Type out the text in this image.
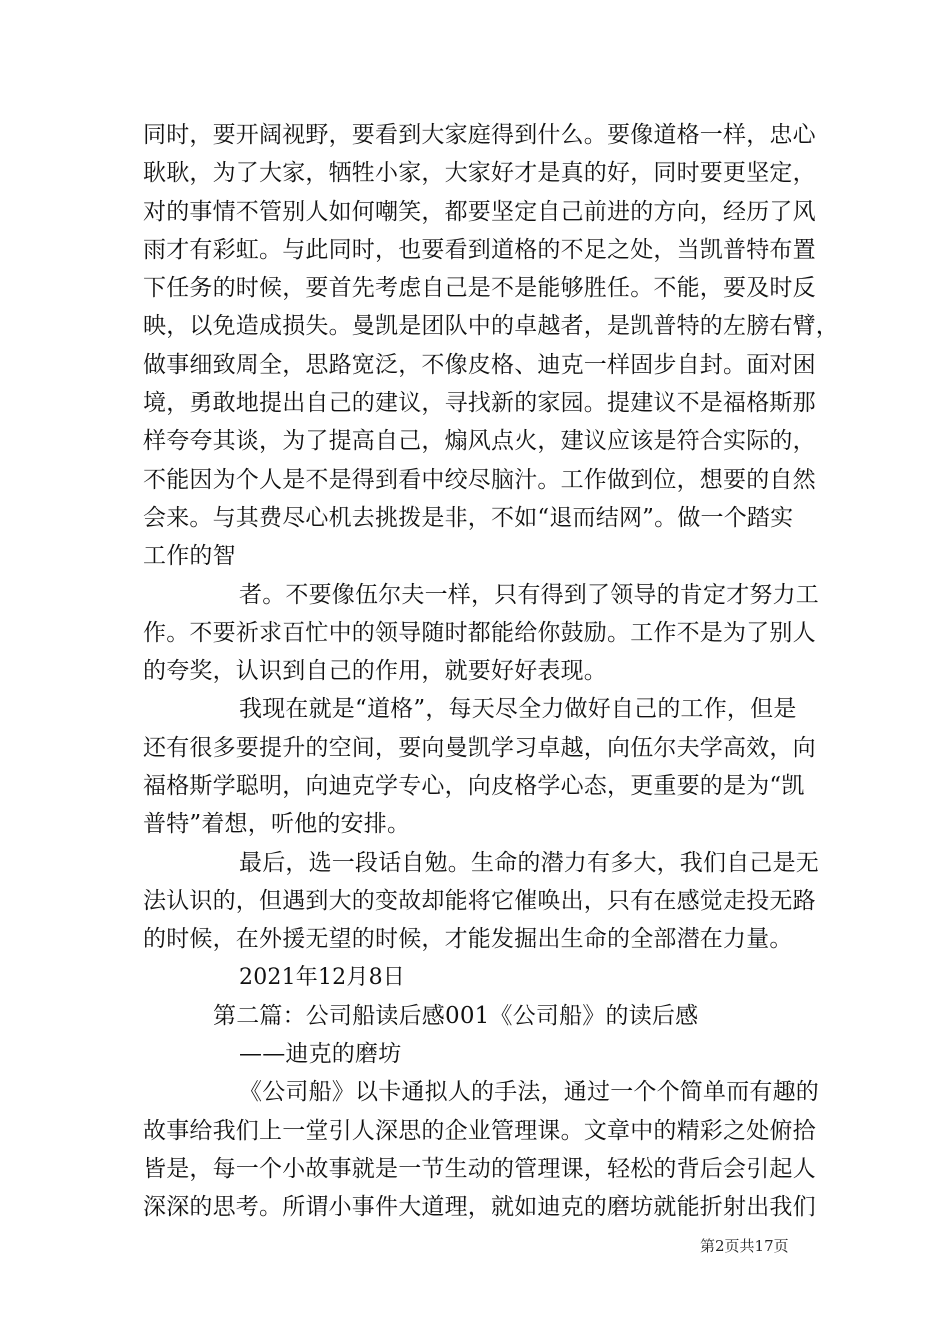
同时，要开阔视野，要看到大家庭得到什么。要像道格一样，忠心
耿耿，为了大家，牺牲小家，大家好才是真的好，同时要更坚定，
对的事情不管别人如何嘲笑，都要坚定自己前进的方向，经历了风
雨才有彩虹。与此同时，也要看到道格的不足之处，当凯普特布置
下任务的时候，要首先考虑自己是不是能够胜任。不能，要及时反
映，以免造成损失。曼凯是团队中的卓越者，是凯普特的左膀右臂，
做事细致周全，思路宽泛，不像皮格、迪克一样固步自封。面对困
境，勇敢地提出自己的建议，寻找新的家园。提建议不是福格斯那
样夸夸其谈，为了提高自己，煽风点火，建议应该是符合实际的，
不能因为个人是不是得到看中绞尽脑汁。工作做到位，想要的自然
会来。与其费尽心机去挑拨是非，不如“退而结网”。做一个踏实
工作的智
者。不要像伍尔夫一样，只有得到了领导的肯定才努力工
作。不要祈求百忙中的领导随时都能给你鼓励。工作不是为了别人
的夸奖，认识到自己的作用，就要好好表现。
我现在就是“道格”，每天尽全力做好自己的工作，但是
还有很多要提升的空间，要向曼凯学习卓越，向伍尔夫学高效，向
福格斯学聪明，向迪克学专心，向皮格学心态，更重要的是为“凯
普特”着想，听他的安排。
最后，选一段话自勉。生命的潜力有多大，我们自己是无
法认识的，但遇到大的变故却能将它催唤出，只有在感觉走投无路
的时候，在外援无望的时候，才能发掘出生命的全部潜在力量。
2021年12月8日
第二篇：公司船读后感001《公司船》的读后感
——迪克的磨坊
《公司船》以卡通拟人的手法，通过一个个简单而有趣的
故事给我们上一堂引人深思的企业管理课。文章中的精彩之处俯拾
皆是，每一个小故事就是一节生动的管理课，轻松的背后会引起人
深深的思考。所谓小事件大道理，就如迪克的磨坊就能折射出我们
第2页共17页
